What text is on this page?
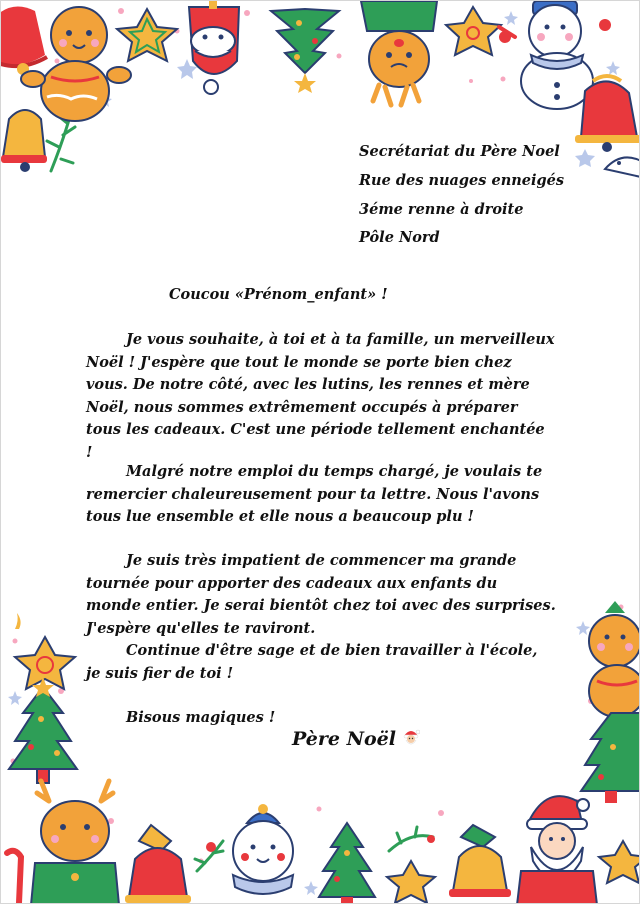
Secrétariat du Père Noel
Rue des nuages enneigés
3éme renne à droite
Pôle Nord
Coucou «Prénom_enfant» !
Je vous souhaite, à toi et à ta famille, un merveilleux Noël ! J'espère que tout le monde se porte bien chez vous. De notre côté, avec les lutins, les rennes et mère Noël, nous sommes extrêmement occupés à préparer tous les cadeaux. C'est une période tellement enchantée !
Malgré notre emploi du temps chargé, je voulais te remercier chaleureusement pour ta lettre. Nous l'avons tous lue ensemble et elle nous a beaucoup plu !
Je suis très impatient de commencer ma grande tournée pour apporter des cadeaux aux enfants du monde entier. Je serai bientôt chez toi avec des surprises. J'espère qu'elles te raviront.
Continue d'être sage et de bien travailler à l'école, je suis fier de toi !
Bisous magiques !
Père Noël
